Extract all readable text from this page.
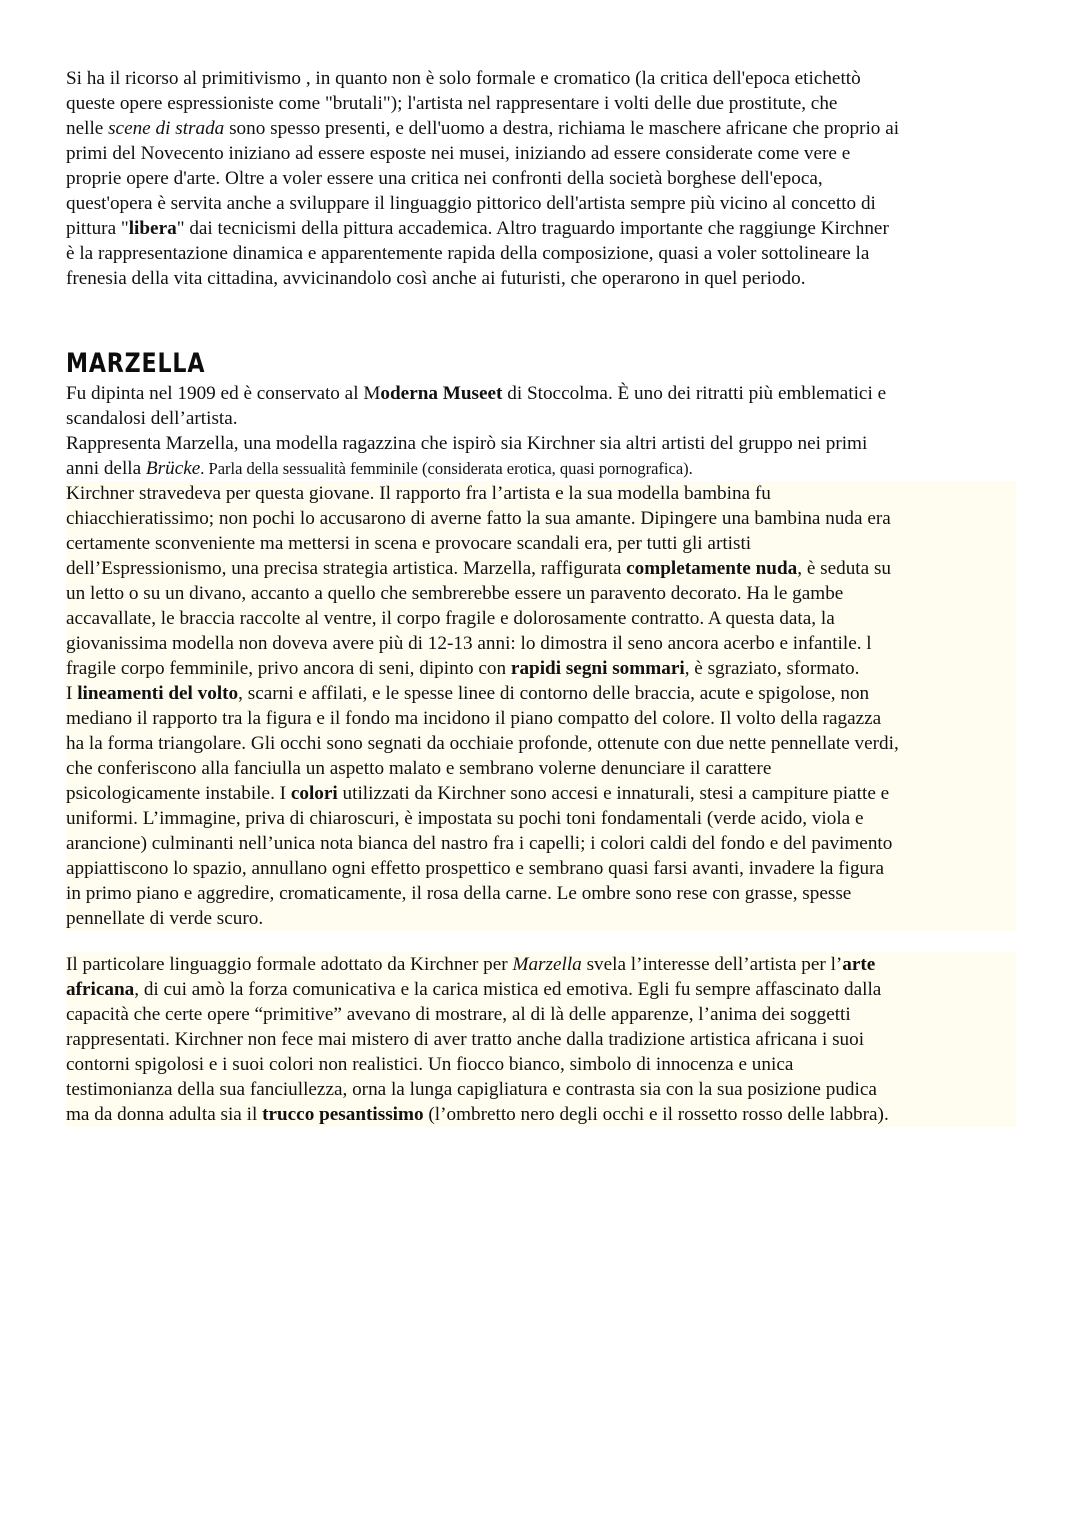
Si ha il ricorso al primitivismo , in quanto non è solo formale e cromatico (la critica dell'epoca etichettò
queste opere espressioniste come "brutali"); l'artista nel rappresentare i volti delle due prostitute, che
nelle scene di strada sono spesso presenti, e dell'uomo a destra, richiama le maschere africane che proprio ai
primi del Novecento iniziano ad essere esposte nei musei, iniziando ad essere considerate come vere e
proprie opere d'arte. Oltre a voler essere una critica nei confronti della società borghese dell'epoca,
quest'opera è servita anche a sviluppare il linguaggio pittorico dell'artista sempre più vicino al concetto di
pittura "libera" dai tecnicismi della pittura accademica. Altro traguardo importante che raggiunge Kirchner
è la rappresentazione dinamica e apparentemente rapida della composizione, quasi a voler sottolineare la
frenesia della vita cittadina, avvicinandolo così anche ai futuristi, che operarono in quel periodo.

MARZELLA

Fu dipinta nel 1909 ed è conservato al Moderna Museet di Stoccolma. È uno dei ritratti più emblematici e
scandalosi dell’artista.
Rappresenta Marzella, una modella ragazzina che ispirò sia Kirchner sia altri artisti del gruppo nei primi
anni della Brücke. Parla della sessualità femminile (considerata erotica, quasi pornografica).
Kirchner stravedeva per questa giovane. Il rapporto fra l’artista e la sua modella bambina fu
chiacchieratissimo; non pochi lo accusarono di averne fatto la sua amante. Dipingere una bambina nuda era
certamente sconveniente ma mettersi in scena e provocare scandali era, per tutti gli artisti
dell’Espressionismo, una precisa strategia artistica. Marzella, raffigurata completamente nuda, è seduta su
un letto o su un divano, accanto a quello che sembrerebbe essere un paravento decorato. Ha le gambe
accavallate, le braccia raccolte al ventre, il corpo fragile e dolorosamente contratto. A questa data, la
giovanissima modella non doveva avere più di 12-13 anni: lo dimostra il seno ancora acerbo e infantile. l
fragile corpo femminile, privo ancora di seni, dipinto con rapidi segni sommari, è sgraziato, sformato.
I lineamenti del volto, scarni e affilati, e le spesse linee di contorno delle braccia, acute e spigolose, non
mediano il rapporto tra la figura e il fondo ma incidono il piano compatto del colore. Il volto della ragazza
ha la forma triangolare. Gli occhi sono segnati da occhiaie profonde, ottenute con due nette pennellate verdi,
che conferiscono alla fanciulla un aspetto malato e sembrano volerne denunciare il carattere
psicologicamente instabile. I colori utilizzati da Kirchner sono accesi e innaturali, stesi a campiture piatte e
uniformi. L’immagine, priva di chiaroscuri, è impostata su pochi toni fondamentali (verde acido, viola e
arancione) culminanti nell’unica nota bianca del nastro fra i capelli; i colori caldi del fondo e del pavimento
appiattiscono lo spazio, annullano ogni effetto prospettico e sembrano quasi farsi avanti, invadere la figura
in primo piano e aggredire, cromaticamente, il rosa della carne. Le ombre sono rese con grasse, spesse
pennellate di verde scuro.

Il particolare linguaggio formale adottato da Kirchner per Marzella svela l’interesse dell’artista per l’arte
africana, di cui amò la forza comunicativa e la carica mistica ed emotiva. Egli fu sempre affascinato dalla
capacità che certe opere “primitive” avevano di mostrare, al di là delle apparenze, l’anima dei soggetti
rappresentati. Kirchner non fece mai mistero di aver tratto anche dalla tradizione artistica africana i suoi
contorni spigolosi e i suoi colori non realistici. Un fiocco bianco, simbolo di innocenza e unica
testimonianza della sua fanciullezza, orna la lunga capigliatura e contrasta sia con la sua posizione pudica
ma da donna adulta sia il trucco pesantissimo (l’ombretto nero degli occhi e il rossetto rosso delle labbra).
